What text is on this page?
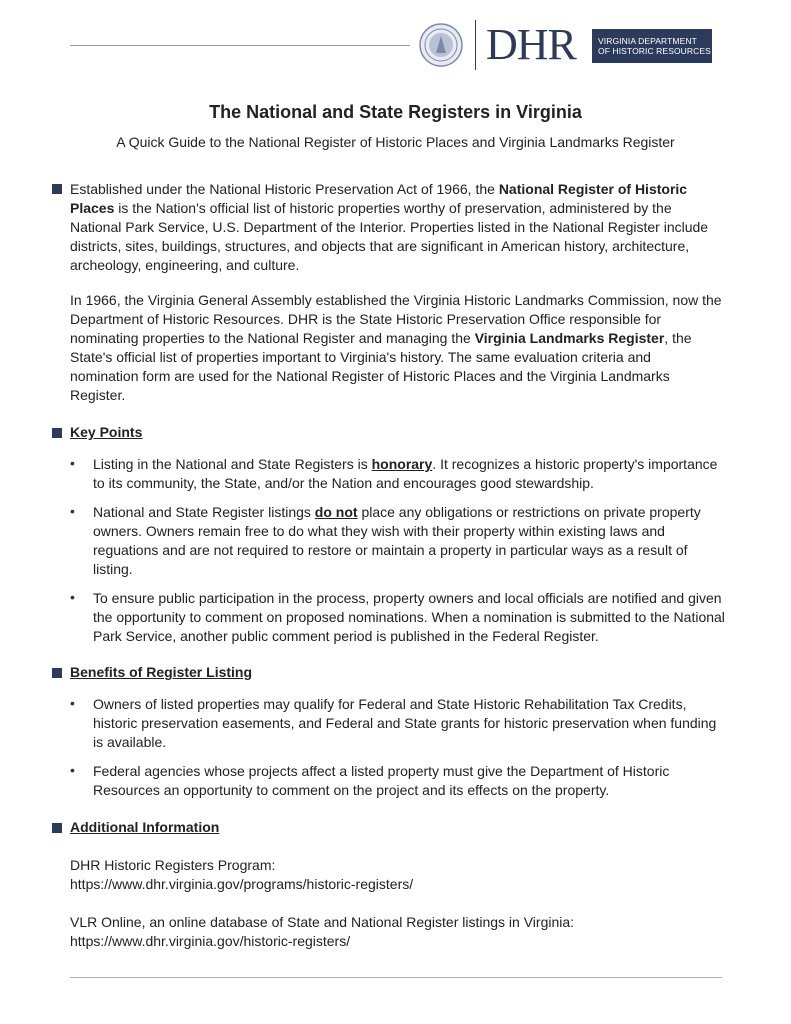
DHR	VIRGINIA DEPARTMENT
OF HISTORIC RESOURCES
The National and State Registers in Virginia
A Quick Guide to the National Register of Historic Places and Virginia Landmarks Register
Established under the National Historic Preservation Act of 1966, the National Register of Historic Places is the Nation's official list of historic properties worthy of preservation, administered by the National Park Service, U.S. Department of the Interior. Properties listed in the National Register include districts, sites, buildings, structures, and objects that are significant in American history, architecture, archeology, engineering, and culture.
In 1966, the Virginia General Assembly established the Virginia Historic Landmarks Commission, now the Department of Historic Resources. DHR is the State Historic Preservation Office responsible for nominating properties to the National Register and managing the Virginia Landmarks Register, the State's official list of properties important to Virginia's history. The same evaluation criteria and nomination form are used for the National Register of Historic Places and the Virginia Landmarks Register.
Key Points
• Listing in the National and State Registers is honorary. It recognizes a historic property's importance to its community, the State, and/or the Nation and encourages good stewardship.
• National and State Register listings do not place any obligations or restrictions on private property owners. Owners remain free to do what they wish with their property within existing laws and reguations and are not required to restore or maintain a property in particular ways as a result of listing.
• To ensure public participation in the process, property owners and local officials are notified and given the opportunity to comment on proposed nominations. When a nomination is submitted to the National Park Service, another public comment period is published in the Federal Register.
Benefits of Register Listing
• Owners of listed properties may qualify for Federal and State Historic Rehabilitation Tax Credits, historic preservation easements, and Federal and State grants for historic preservation when funding is available.
• Federal agencies whose projects affect a listed property must give the Department of Historic Resources an opportunity to comment on the project and its effects on the property.
Additional Information
DHR Historic Registers Program:
https://www.dhr.virginia.gov/programs/historic-registers/
VLR Online, an online database of State and National Register listings in Virginia:
https://www.dhr.virginia.gov/historic-registers/
